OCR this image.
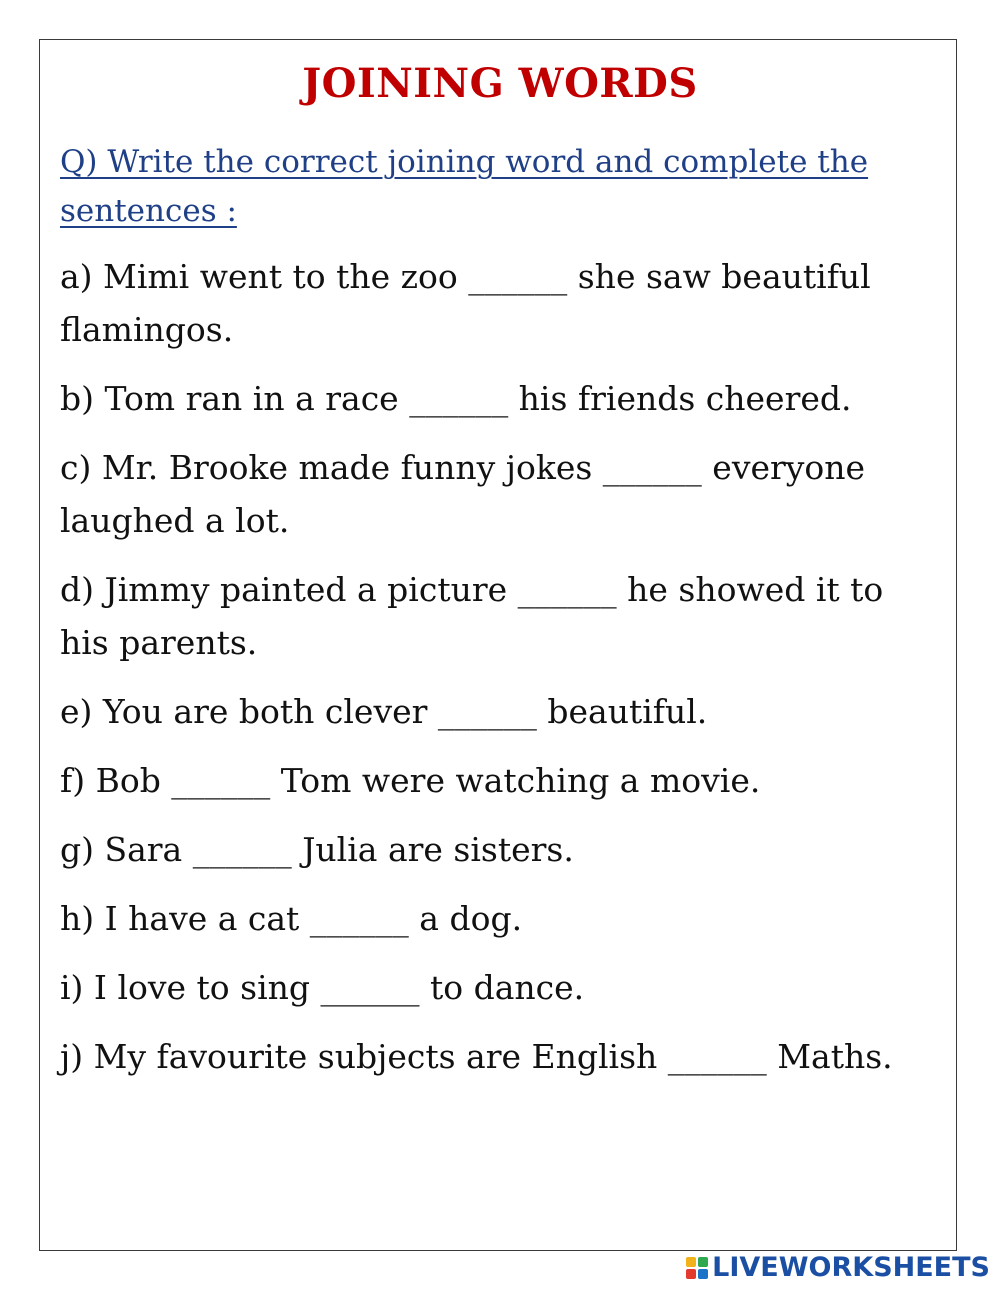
JOINING WORDS

Q) Write the correct joining word and complete the sentences :

a) Mimi went to the zoo ______ she saw beautiful flamingos.
b) Tom ran in a race ______ his friends cheered.
c) Mr. Brooke made funny jokes ______ everyone laughed a lot.
d) Jimmy painted a picture ______ he showed it to his parents.
e) You are both clever ______ beautiful.
f) Bob ______ Tom were watching a movie.
g) Sara ______ Julia are sisters.
h) I have a cat ______ a dog.
i) I love to sing ______ to dance.
j) My favourite subjects are English ______ Maths.
LIVEWORKSHEETS
